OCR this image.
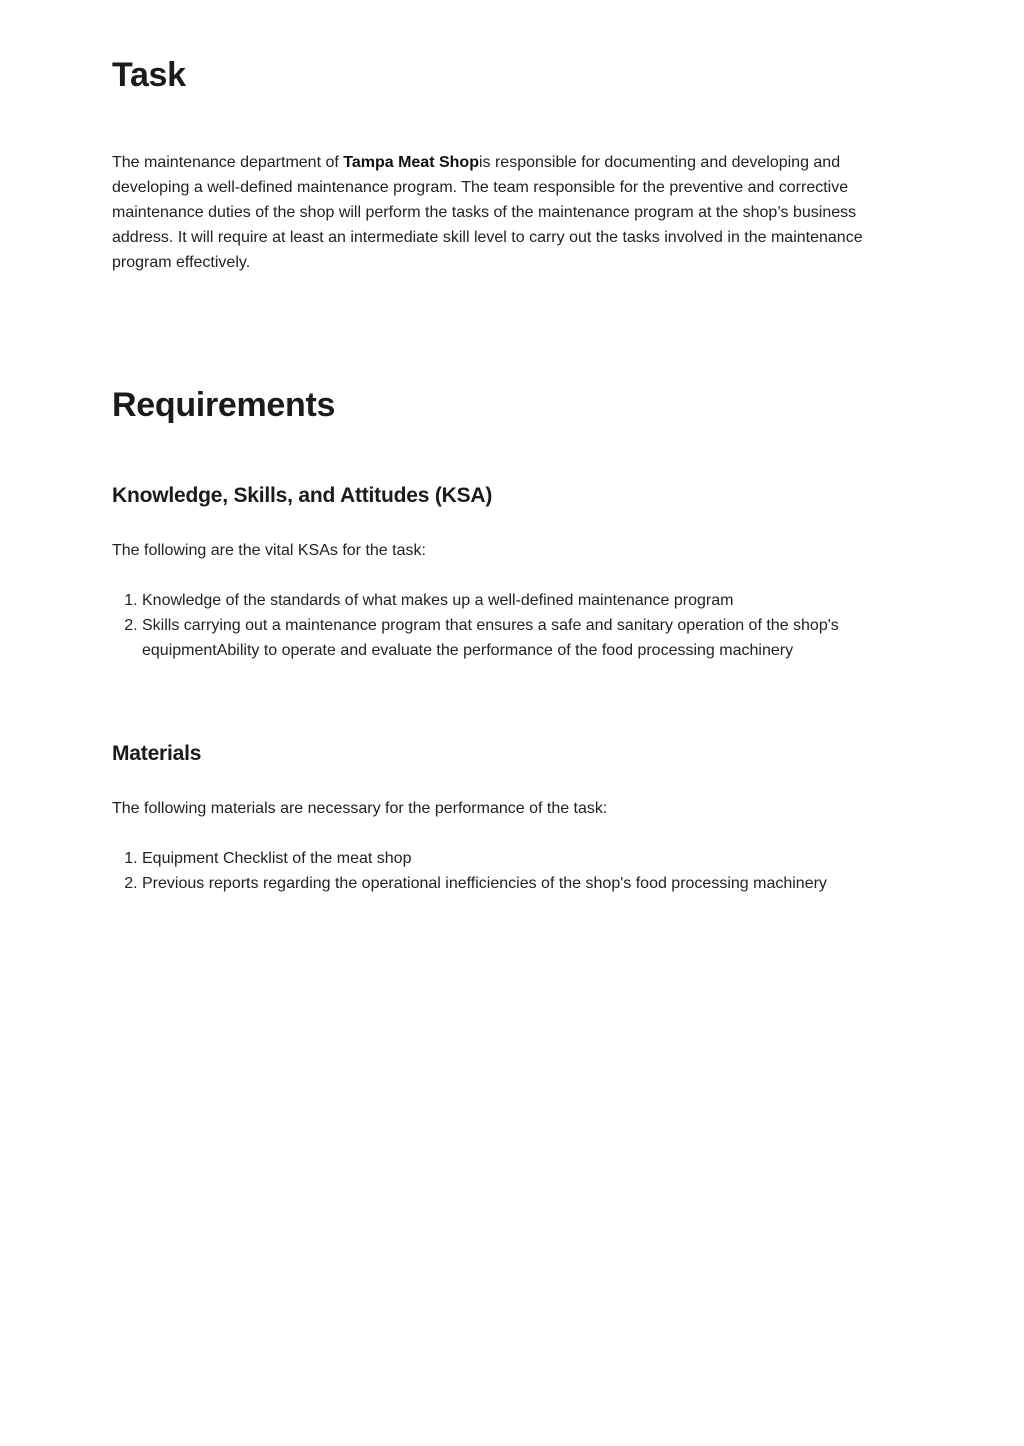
Task

The maintenance department of Tampa Meat Shopis responsible for documenting and developing and developing a well-defined maintenance program. The team responsible for the preventive and corrective maintenance duties of the shop will perform the tasks of the maintenance program at the shop’s business address. It will require at least an intermediate skill level to carry out the tasks involved in the maintenance program effectively.

Requirements
Knowledge, Skills, and Attitudes (KSA)

The following are the vital KSAs for the task:

1. Knowledge of the standards of what makes up a well-defined maintenance program
2. Skills carrying out a maintenance program that ensures a safe and sanitary operation of the shop's equipmentAbility to operate and evaluate the performance of the food processing machinery
Materials

The following materials are necessary for the performance of the task:

1. Equipment Checklist of the meat shop
2. Previous reports regarding the operational inefficiencies of the shop's food processing machinery
